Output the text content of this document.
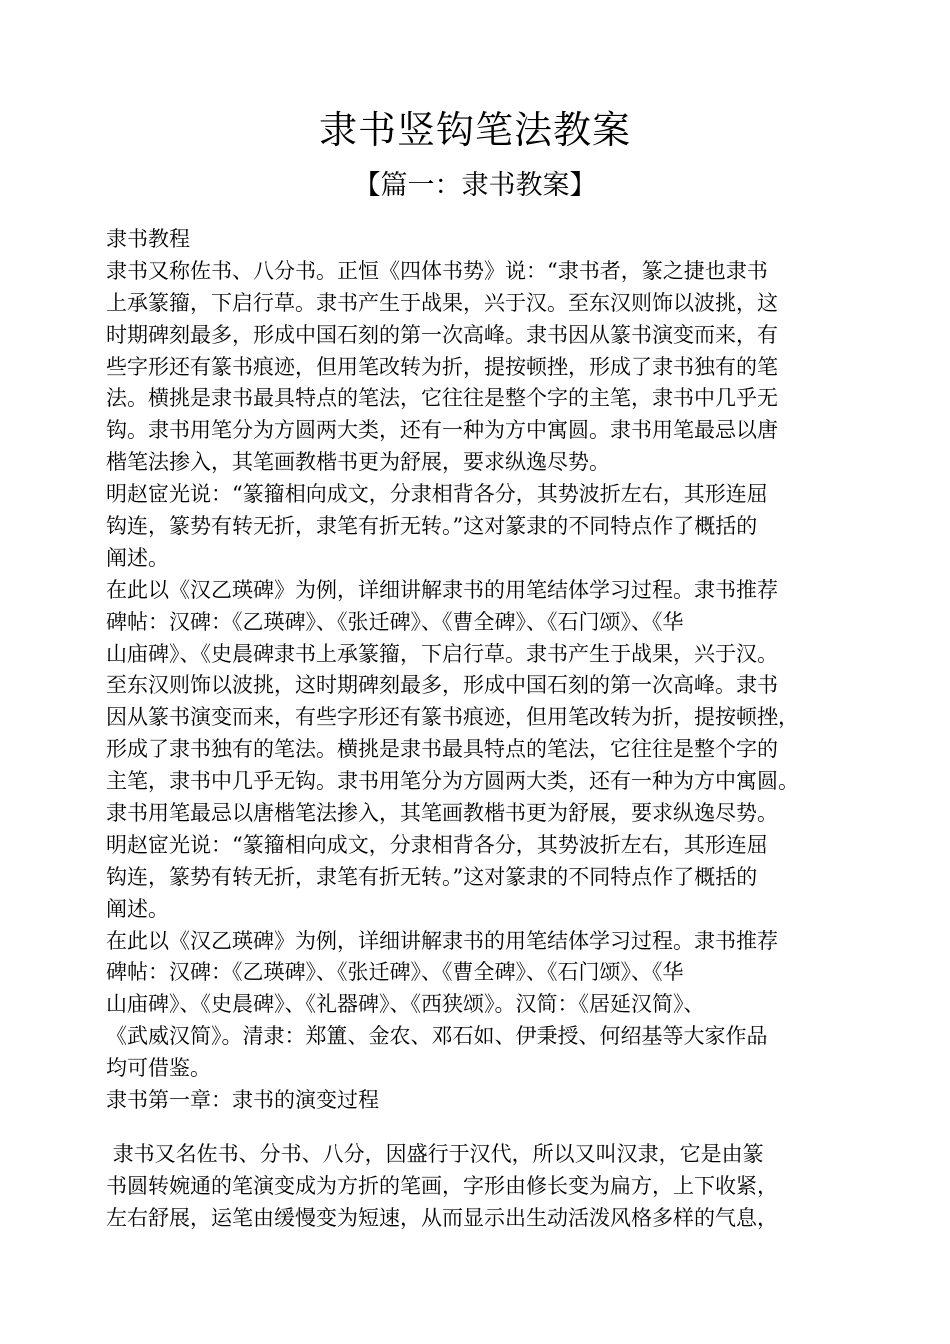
隶书竖钩笔法教案
【篇一：隶书教案】
隶书教程
隶书又称佐书、八分书。正恒《四体书势》说：“隶书者，篆之捷也隶书
上承篆籀，下启行草。隶书产生于战果，兴于汉。至东汉则饰以波挑，这
时期碑刻最多，形成中国石刻的第一次高峰。隶书因从篆书演变而来，有
些字形还有篆书痕迹，但用笔改转为折，提按顿挫，形成了隶书独有的笔
法。横挑是隶书最具特点的笔法，它往往是整个字的主笔，隶书中几乎无
钩。隶书用笔分为方圆两大类，还有一种为方中寓圆。隶书用笔最忌以唐
楷笔法掺入，其笔画教楷书更为舒展，要求纵逸尽势。
明赵宧光说：“篆籀相向成文，分隶相背各分，其势波折左右，其形连屈
钩连，篆势有转无折，隶笔有折无转。”这对篆隶的不同特点作了概括的
阐述。
在此以《汉乙瑛碑》为例，详细讲解隶书的用笔结体学习过程。隶书推荐
碑帖：汉碑：《乙瑛碑》、《张迁碑》、《曹全碑》、《石门颂》、《华
山庙碑》、《史晨碑隶书上承篆籀，下启行草。隶书产生于战果，兴于汉。
至东汉则饰以波挑，这时期碑刻最多，形成中国石刻的第一次高峰。隶书
因从篆书演变而来，有些字形还有篆书痕迹，但用笔改转为折，提按顿挫，
形成了隶书独有的笔法。横挑是隶书最具特点的笔法，它往往是整个字的
主笔，隶书中几乎无钩。隶书用笔分为方圆两大类，还有一种为方中寓圆。
隶书用笔最忌以唐楷笔法掺入，其笔画教楷书更为舒展，要求纵逸尽势。
明赵宧光说：“篆籀相向成文，分隶相背各分，其势波折左右，其形连屈
钩连，篆势有转无折，隶笔有折无转。”这对篆隶的不同特点作了概括的
阐述。
在此以《汉乙瑛碑》为例，详细讲解隶书的用笔结体学习过程。隶书推荐
碑帖：汉碑：《乙瑛碑》、《张迁碑》、《曹全碑》、《石门颂》、《华
山庙碑》、《史晨碑》、《礼器碑》、《西狭颂》。汉简：《居延汉简》、
《武威汉简》。清隶：郑簠、金农、邓石如、伊秉授、何绍基等大家作品
均可借鉴。
隶书第一章：隶书的演变过程
隶书又名佐书、分书、八分，因盛行于汉代，所以又叫汉隶，它是由篆
书圆转婉通的笔演变成为方折的笔画，字形由修长变为扁方，上下收紧，
左右舒展，运笔由缓慢变为短速，从而显示出生动活泼风格多样的气息，
